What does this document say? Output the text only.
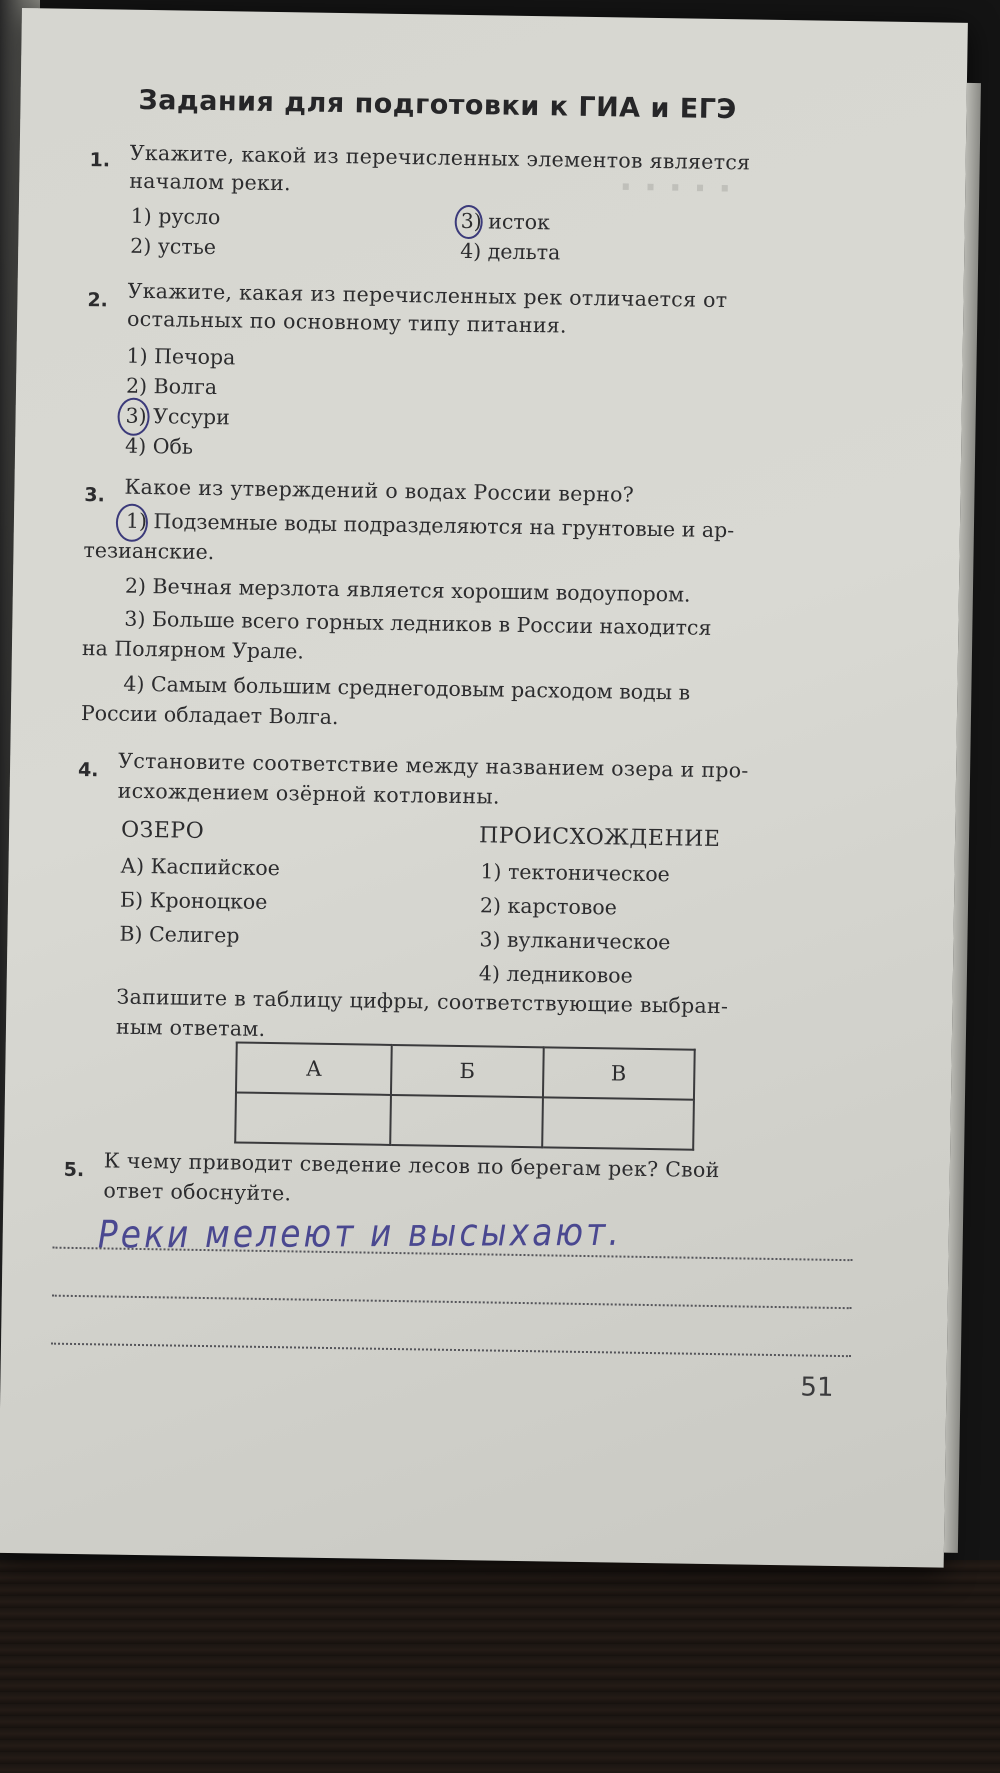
· · · · ·
Задания для подготовки к ГИА и ЕГЭ
1. Укажите, какой из перечисленных элементов является
началом реки.
1) русло
2) устье
3) исток
4) дельта
2. Укажите, какая из перечисленных рек отличается от
остальных по основному типу питания.
1) Печора
2) Волга
3) Уссури
4) Обь
3. Какое из утверждений о водах России верно?
1) Подземные воды подразделяются на грунтовые и ар-
тезианские.
2) Вечная мерзлота является хорошим водоупором.
3) Больше всего горных ледников в России находится
на Полярном Урале.
4) Самым большим среднегодовым расходом воды в
России обладает Волга.
4. Установите соответствие между названием озера и про-
исхождением озёрной котловины.
ОЗЕРО
А) Каспийское
Б) Кроноцкое
В) Селигер
ПРОИСХОЖДЕНИЕ
1) тектоническое
2) карстовое
3) вулканическое
4) ледниковое
Запишите в таблицу цифры, соответствующие выбран-
ным ответам.
А	Б	В

5. К чему приводит сведение лесов по берегам рек? Свой
ответ обоснуйте.
Реки мелеют и высыхают.
51
